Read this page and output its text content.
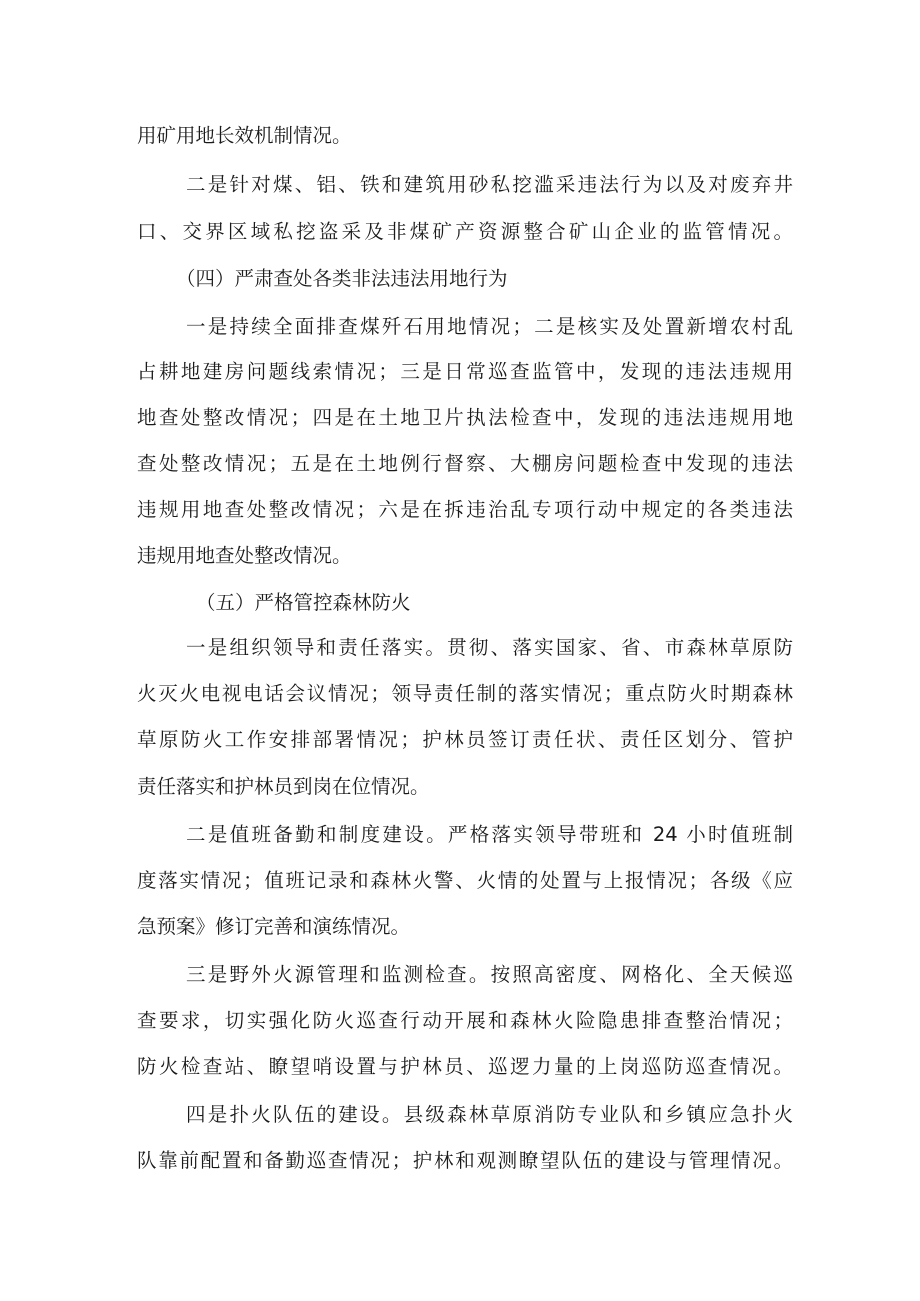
用矿用地长效机制情况。
二是针对煤、铝、铁和建筑用砂私挖滥采违法行为以及对废弃井
口、交界区域私挖盗采及非煤矿产资源整合矿山企业的监管情况。
（四）严肃查处各类非法违法用地行为
一是持续全面排查煤歼石用地情况；二是核实及处置新增农村乱
占耕地建房问题线索情况；三是日常巡查监管中，发现的违法违规用
地查处整改情况；四是在土地卫片执法检查中，发现的违法违规用地
查处整改情况；五是在土地例行督察、大棚房问题检查中发现的违法
违规用地查处整改情况；六是在拆违治乱专项行动中规定的各类违法
违规用地查处整改情况。
（五）严格管控森林防火
一是组织领导和责任落实。贯彻、落实国家、省、市森林草原防
火灭火电视电话会议情况；领导责任制的落实情况；重点防火时期森林
草原防火工作安排部署情况；护林员签订责任状、责任区划分、管护
责任落实和护林员到岗在位情况。
二是值班备勤和制度建设。严格落实领导带班和 24 小时值班制
度落实情况；值班记录和森林火警、火情的处置与上报情况；各级《应
急预案》修订完善和演练情况。
三是野外火源管理和监测检查。按照高密度、网格化、全天候巡
查要求，切实强化防火巡查行动开展和森林火险隐患排查整治情况；
防火检查站、瞭望哨设置与护林员、巡逻力量的上岗巡防巡查情况。
四是扑火队伍的建设。县级森林草原消防专业队和乡镇应急扑火
队靠前配置和备勤巡查情况；护林和观测瞭望队伍的建设与管理情况。
